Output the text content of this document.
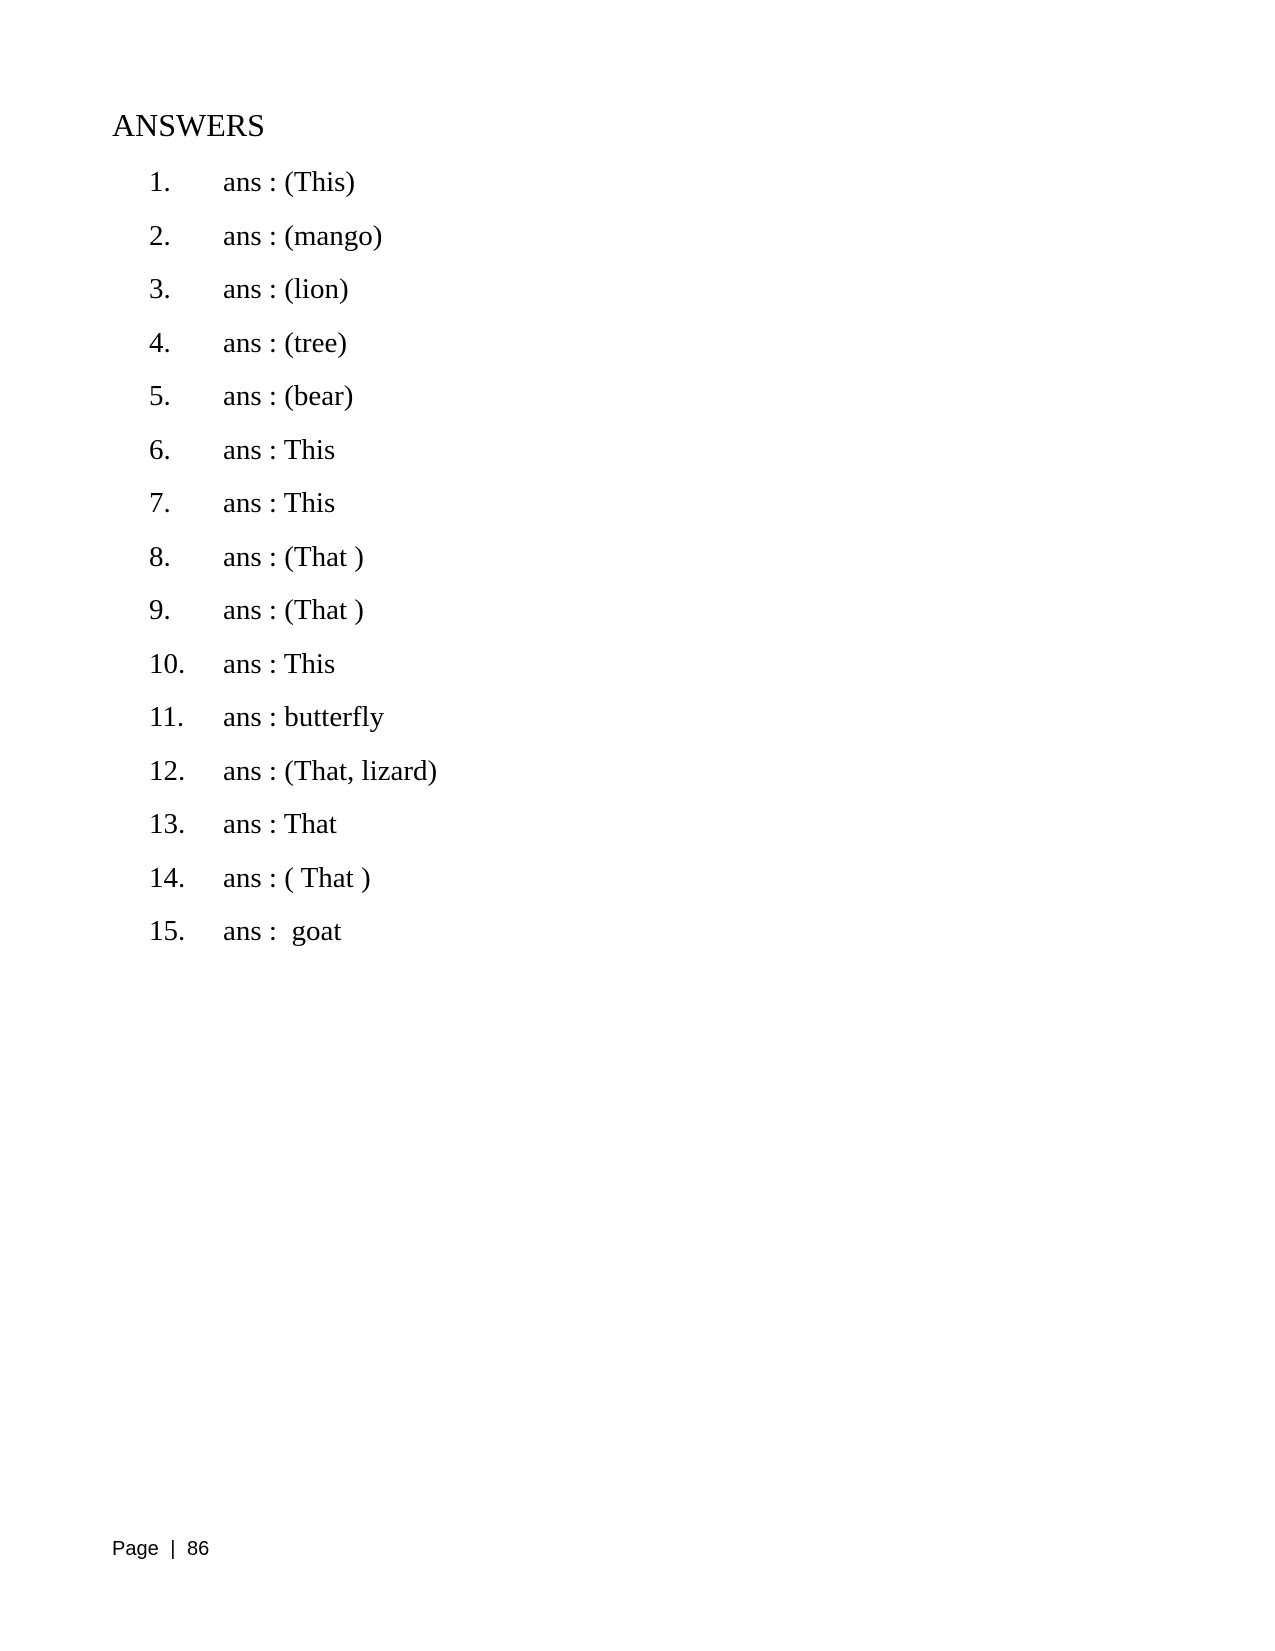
ANSWERS

1.

ans : (This)

2.

ans : (mango)

3.

ans : (lion)

4.

ans : (tree)

5.

ans : (bear)

6.

ans : This

7.

ans : This

8.

ans : (That )

9.

ans : (That )

10.

ans : This

11.

ans : butterfly

12.

ans : (That, lizard)

13.

ans : That

14.

ans : ( That )

15.

ans :  goat

Page | 86
